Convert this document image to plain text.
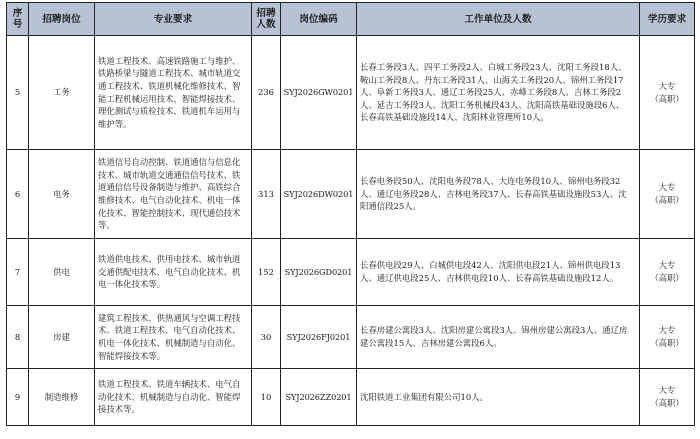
序号	招聘岗位	专业要求	招聘人数	岗位编码	工作单位及人数	学历要求
5	工务	铁道工程技术、高速铁路施工与维护、铁路桥梁与隧道工程技术、城市轨道交通工程技术、铁道机械化维修技术、智能工程机械运用技术、智能焊接技术、理化测试与质检技术、铁道机车运用与维护等。	236	SYJ2026GW0201	长春工务段3人、四平工务段2人、白城工务段23人、沈阳工务段18人、鞍山工务段8人、丹东工务段31人、山海关工务段20人、锦州工务段17人、阜新工务段3人、通辽工务段25人、赤峰工务段8人、吉林工务段2人、延吉工务段3人、沈阳工务机械段43人、沈阳高铁基础设施段6人、长春高铁基础设施段14人、沈阳林业管理所10人。	大专
（高职）

6	电务	铁道信号自动控制、铁道通信与信息化技术、城市轨道交通通信信号技术、铁道通信信号设备制造与维护、高铁综合维修技术、电气自动化技术、机电一体化技术、智能控制技术、现代通信技术等。	313	SYJ2026DW0201	长春电务段50人、沈阳电务段78人、大连电务段10人、锦州电务段32人、通辽电务段28人、吉林电务段37人、长春高铁基础设施段53人、沈阳通信段25人。	大专
（高职）

7	供电	铁道供电技术、供用电技术、城市轨道交通供配电技术、电气自动化技术、机电一体化技术等。	152	SYJ2026GD0201	长春供电段29人、白城供电段42人、沈阳供电段21人、锦州供电段13人、通辽供电段25人、吉林供电段10人、长春高铁基础设施段12人。	大专
（高职）

8	房建	建筑工程技术、供热通风与空调工程技术、铁道工程技术、电气自动化技术、机电一体化技术、机械制造与自动化、智能焊接技术等。	30	SYJ2026FJ0201	长春房建公寓段3人、沈阳房建公寓段3人、锦州房建公寓段3人、通辽房建公寓段15人、吉林房建公寓段6人。	大专
（高职）

9	制造维修	铁道工程技术、铁道车辆技术、电气自动化技术、机械制造与自动化、智能焊接技术等。	10	SYJ2026ZZ0201	沈阳铁道工业集团有限公司10人。	大专
（高职）
